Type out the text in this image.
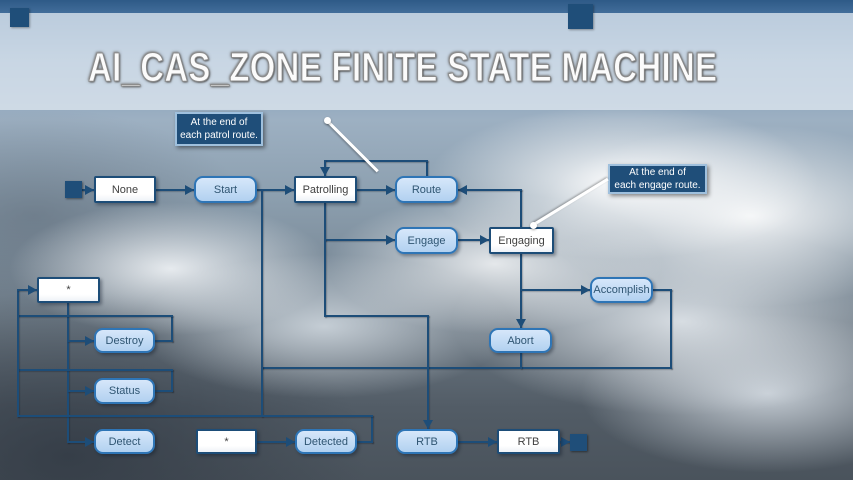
AI_CAS_ZONE FINITE STATE MACHINE
None	Start	Patrolling	Route
Engage	Engaging
Accomplish
Abort
*
Destroy
Status
Detect	*	Detected	RTB	RTB
At the end of
each patrol route.
At the end of
each engage route.
